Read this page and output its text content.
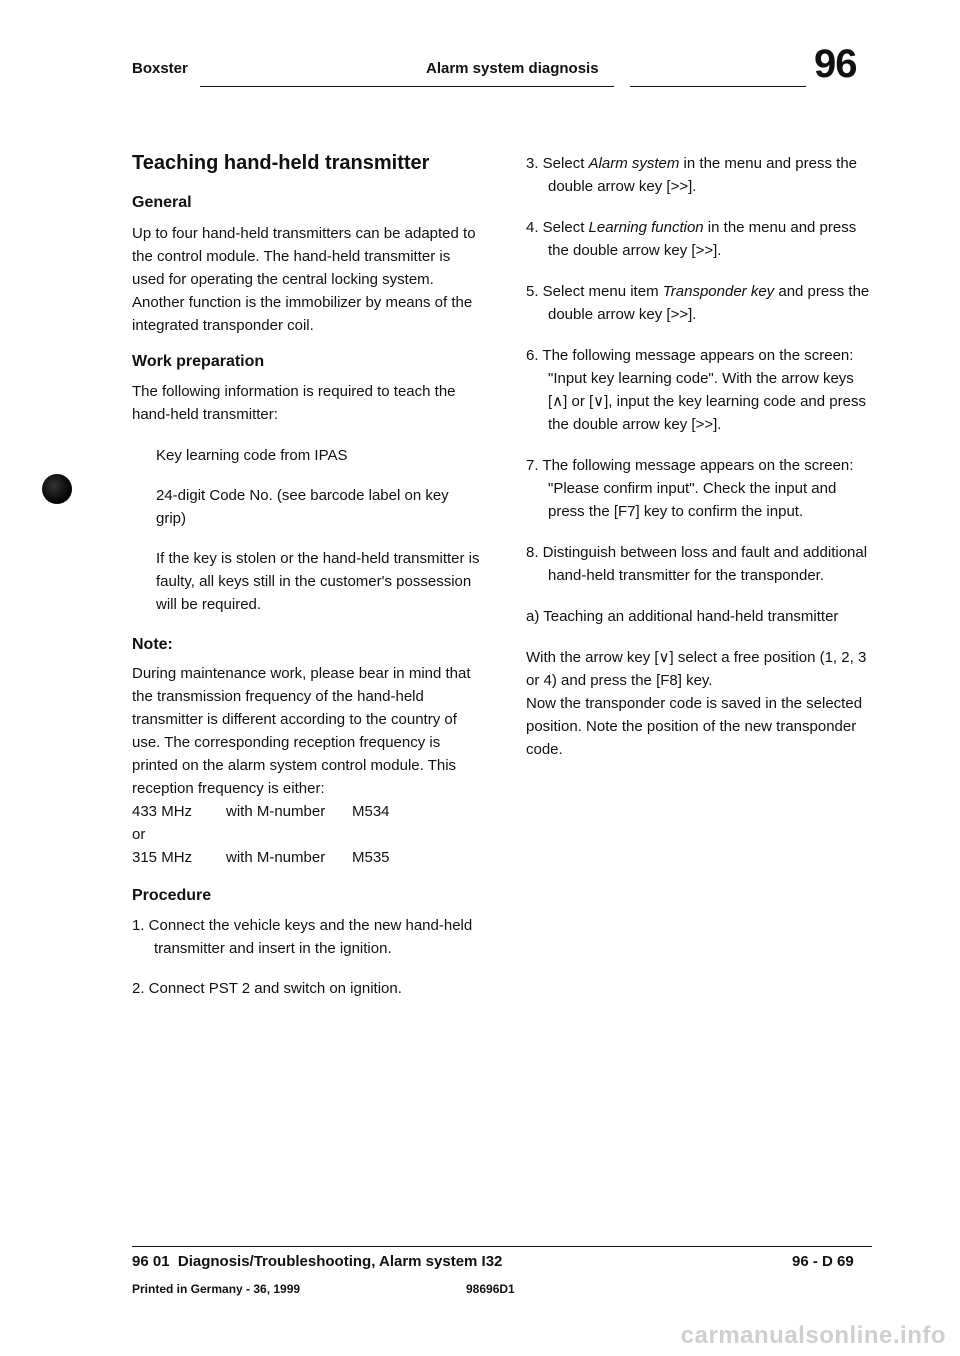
Boxster	Alarm system diagnosis	96
Teaching hand-held transmitter
General

Up to four hand-held transmitters can be adapted to the control module. The hand-held transmitter is used for operating the central locking system. Another function is the immobilizer by means of the integrated transponder coil.

Work preparation

The following information is required to teach the hand-held transmitter:

Key learning code from IPAS

24-digit Code No. (see barcode label on key grip)

If the key is stolen or the hand-held transmitter is faulty, all keys still in the customer's possession will be required.

Note:

During maintenance work, please bear in mind that the transmission frequency of the hand-held transmitter is different according to the country of use. The corresponding reception frequency is printed on the alarm system control module. This reception frequency is either:

433 MHz	with M-number	M534

or

315 MHz	with M-number	M535
Procedure

1. Connect the vehicle keys and the new hand-held transmitter and insert in the ignition.

2. Connect PST 2 and switch on ignition.

3. Select Alarm system in the menu and press the double arrow key [>>].

4. Select Learning function in the menu and press the double arrow key [>>].

5. Select menu item Transponder key and press the double arrow key [>>].

6. The following message appears on the screen: "Input key learning code". With the arrow keys [∧] or [∨], input the key learning code and press the double arrow key [>>].

7. The following message appears on the screen: "Please confirm input". Check the input and press the [F7] key to confirm the input.

8. Distinguish between loss and fault and additional hand-held transmitter for the transponder.

a) Teaching an additional hand-held transmitter

With the arrow key [∨] select a free position (1, 2, 3 or 4) and press the [F8] key.

Now the transponder code is saved in the selected position. Note the position of the new transponder code.

96 01  Diagnosis/Troubleshooting, Alarm system I32	96 - D 69
Printed in Germany - 36, 1999	98696D1
carmanualsonline.info
